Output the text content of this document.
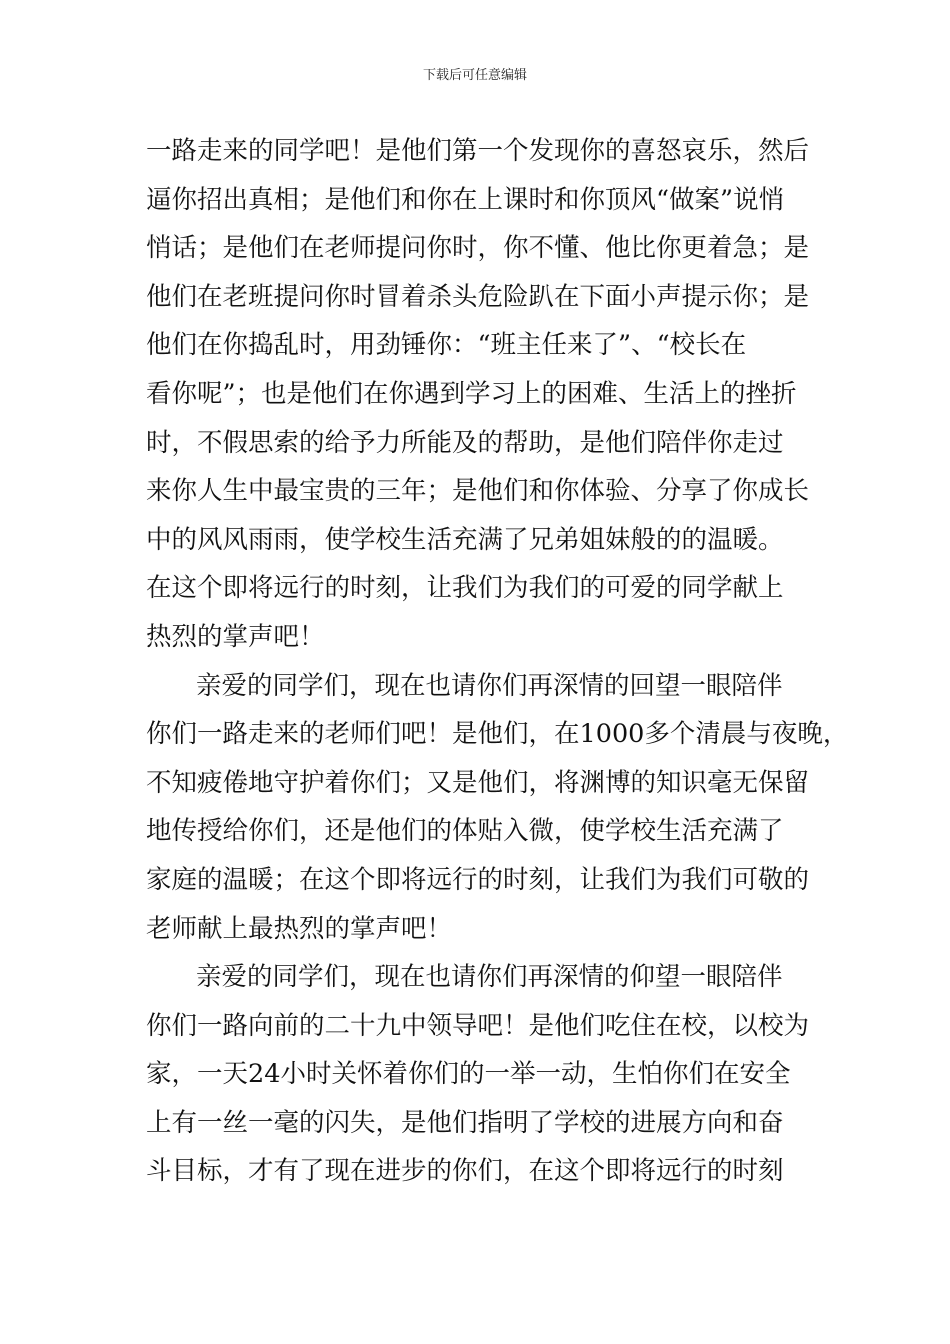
下载后可任意编辑
一路走来的同学吧！是他们第一个发现你的喜怒哀乐，然后
逼你招出真相；是他们和你在上课时和你顶风“做案”说悄
悄话；是他们在老师提问你时，你不懂、他比你更着急；是
他们在老班提问你时冒着杀头危险趴在下面小声提示你；是
他们在你捣乱时，用劲锤你：“班主任来了”、“校长在
看你呢”；也是他们在你遇到学习上的困难、生活上的挫折
时，不假思索的给予力所能及的帮助，是他们陪伴你走过
来你人生中最宝贵的三年；是他们和你体验、分享了你成长
中的风风雨雨，使学校生活充满了兄弟姐妹般的的温暖。
在这个即将远行的时刻，让我们为我们的可爱的同学献上
热烈的掌声吧！
亲爱的同学们，现在也请你们再深情的回望一眼陪伴
你们一路走来的老师们吧！是他们，在1000多个清晨与夜晚，
不知疲倦地守护着你们；又是他们，将渊博的知识毫无保留
地传授给你们，还是他们的体贴入微，使学校生活充满了
家庭的温暖；在这个即将远行的时刻，让我们为我们可敬的
老师献上最热烈的掌声吧！
亲爱的同学们，现在也请你们再深情的仰望一眼陪伴
你们一路向前的二十九中领导吧！是他们吃住在校，以校为
家，一天24小时关怀着你们的一举一动，生怕你们在安全
上有一丝一毫的闪失，是他们指明了学校的进展方向和奋
斗目标，才有了现在进步的你们，在这个即将远行的时刻
